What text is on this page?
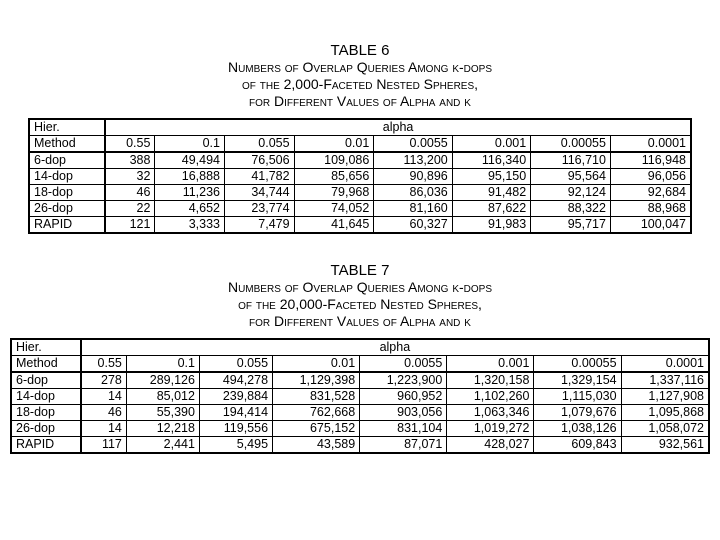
TABLE 6
Numbers of Overlap Queries Among k-dops
of the 2,000-Faceted Nested Spheres,
for Different Values of Alpha and k
Hier.	alpha							
Method	0.55	0.1	0.055	0.01	0.0055	0.001	0.00055	0.0001
6-dop	388	49,494	76,506	109,086	113,200	116,340	116,710	116,948
14-dop	32	16,888	41,782	85,656	90,896	95,150	95,564	96,056
18-dop	46	11,236	34,744	79,968	86,036	91,482	92,124	92,684
26-dop	22	4,652	23,774	74,052	81,160	87,622	88,322	88,968
RAPID	121	3,333	7,479	41,645	60,327	91,983	95,717	100,047
TABLE 7
Numbers of Overlap Queries Among k-dops
of the 20,000-Faceted Nested Spheres,
for Different Values of Alpha and k
Hier.	alpha							
Method	0.55	0.1	0.055	0.01	0.0055	0.001	0.00055	0.0001
6-dop	278	289,126	494,278	1,129,398	1,223,900	1,320,158	1,329,154	1,337,116
14-dop	14	85,012	239,884	831,528	960,952	1,102,260	1,115,030	1,127,908
18-dop	46	55,390	194,414	762,668	903,056	1,063,346	1,079,676	1,095,868
26-dop	14	12,218	119,556	675,152	831,104	1,019,272	1,038,126	1,058,072
RAPID	117	2,441	5,495	43,589	87,071	428,027	609,843	932,561
